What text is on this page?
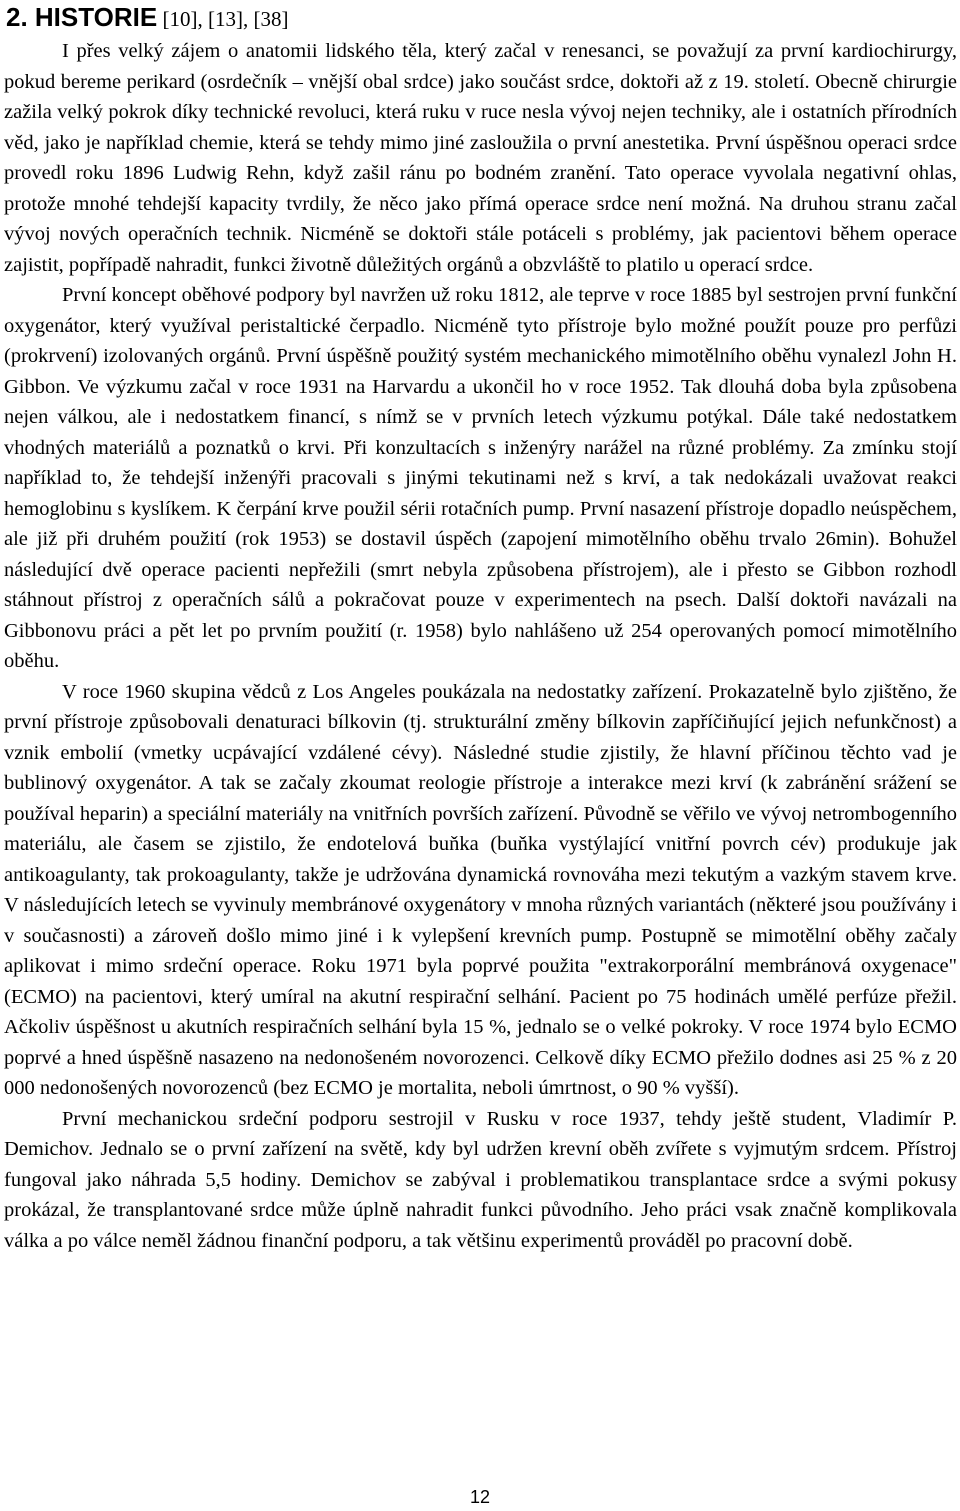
2. HISTORIE [10], [13], [38]

I přes velký zájem o anatomii lidského těla, který začal v renesanci, se považují za první kardiochirurgy, pokud bereme perikard (osrdečník – vnější obal srdce) jako součást srdce, doktoři až z 19. století. Obecně chirurgie zažila velký pokrok díky technické revoluci, která ruku v ruce nesla vývoj nejen techniky, ale i ostatních přírodních věd, jako je například chemie, která se tehdy mimo jiné zasloužila o první anestetika. První úspěšnou operaci srdce provedl roku 1896 Ludwig Rehn, když zašil ránu po bodném zranění. Tato operace vyvolala negativní ohlas, protože mnohé tehdejší kapacity tvrdily, že něco jako přímá operace srdce není možná. Na druhou stranu začal vývoj nových operačních technik. Nicméně se doktoři stále potáceli s problémy, jak pacientovi během operace zajistit, popřípadě nahradit, funkci životně důležitých orgánů a obzvláště to platilo u operací srdce.

První koncept oběhové podpory byl navržen už roku 1812, ale teprve v roce 1885 byl sestrojen první funkční oxygenátor, který využíval peristaltické čerpadlo. Nicméně tyto přístroje bylo možné použít pouze pro perfůzi (prokrvení) izolovaných orgánů. První úspěšně použitý systém mechanického mimotělního oběhu vynalezl John H. Gibbon. Ve výzkumu začal v roce 1931 na Harvardu a ukončil ho v roce 1952. Tak dlouhá doba byla způsobena nejen válkou, ale i nedostatkem financí, s nímž se v prvních letech výzkumu potýkal. Dále také nedostatkem vhodných materiálů a poznatků o krvi. Při konzultacích s inženýry narážel na různé problémy. Za zmínku stojí například to, že tehdejší inženýři pracovali s jinými tekutinami než s krví, a tak nedokázali uvažovat reakci hemoglobinu s kyslíkem. K čerpání krve použil sérii rotačních pump. První nasazení přístroje dopadlo neúspěchem, ale již při druhém použití (rok 1953) se dostavil úspěch (zapojení mimotělního oběhu trvalo 26min). Bohužel následující dvě operace pacienti nepřežili (smrt nebyla způsobena přístrojem), ale i přesto se Gibbon rozhodl stáhnout přístroj z operačních sálů a pokračovat pouze v experimentech na psech. Další doktoři navázali na Gibbonovu práci a pět let po prvním použití (r. 1958) bylo nahlášeno už 254 operovaných pomocí mimotělního oběhu.

V roce 1960 skupina vědců z Los Angeles poukázala na nedostatky zařízení. Prokazatelně bylo zjištěno, že první přístroje způsobovali denaturaci bílkovin (tj. strukturální změny bílkovin zapříčiňující jejich nefunkčnost) a vznik embolií (vmetky ucpávající vzdálené cévy). Následné studie zjistily, že hlavní příčinou těchto vad je bublinový oxygenátor. A tak se začaly zkoumat reologie přístroje a interakce mezi krví (k zabránění srážení se používal heparin) a speciální materiály na vnitřních površích zařízení. Původně se věřilo ve vývoj netrombogenního materiálu, ale časem se zjistilo, že endotelová buňka (buňka vystýlající vnitřní povrch cév) produkuje jak antikoagulanty, tak prokoagulanty, takže je udržována dynamická rovnováha mezi tekutým a vazkým stavem krve. V následujících letech se vyvinuly membránové oxygenátory v mnoha různých variantách (některé jsou používány i v současnosti) a zároveň došlo mimo jiné i k vylepšení krevních pump. Postupně se mimotělní oběhy začaly aplikovat i mimo srdeční operace. Roku 1971 byla poprvé použita "extrakorporální membránová oxygenace" (ECMO) na pacientovi, který umíral na akutní respirační selhání. Pacient po 75 hodinách umělé perfúze přežil. Ačkoliv úspěšnost u akutních respiračních selhání byla 15 %, jednalo se o velké pokroky. V roce 1974 bylo ECMO poprvé a hned úspěšně nasazeno na nedonošeném novorozenci. Celkově díky ECMO přežilo dodnes asi 25 % z 20 000 nedonošených novorozenců (bez ECMO je mortalita, neboli úmrtnost, o 90 % vyšší).

První mechanickou srdeční podporu sestrojil v Rusku v roce 1937, tehdy ještě student, Vladimír P. Demichov. Jednalo se o první zařízení na světě, kdy byl udržen krevní oběh zvířete s vyjmutým srdcem. Přístroj fungoval jako náhrada 5,5 hodiny. Demichov se zabýval i problematikou transplantace srdce a svými pokusy prokázal, že transplantované srdce může úplně nahradit funkci původního. Jeho práci vsak značně komplikovala válka a po válce neměl žádnou finanční podporu, a tak většinu experimentů prováděl po pracovní době.

12
